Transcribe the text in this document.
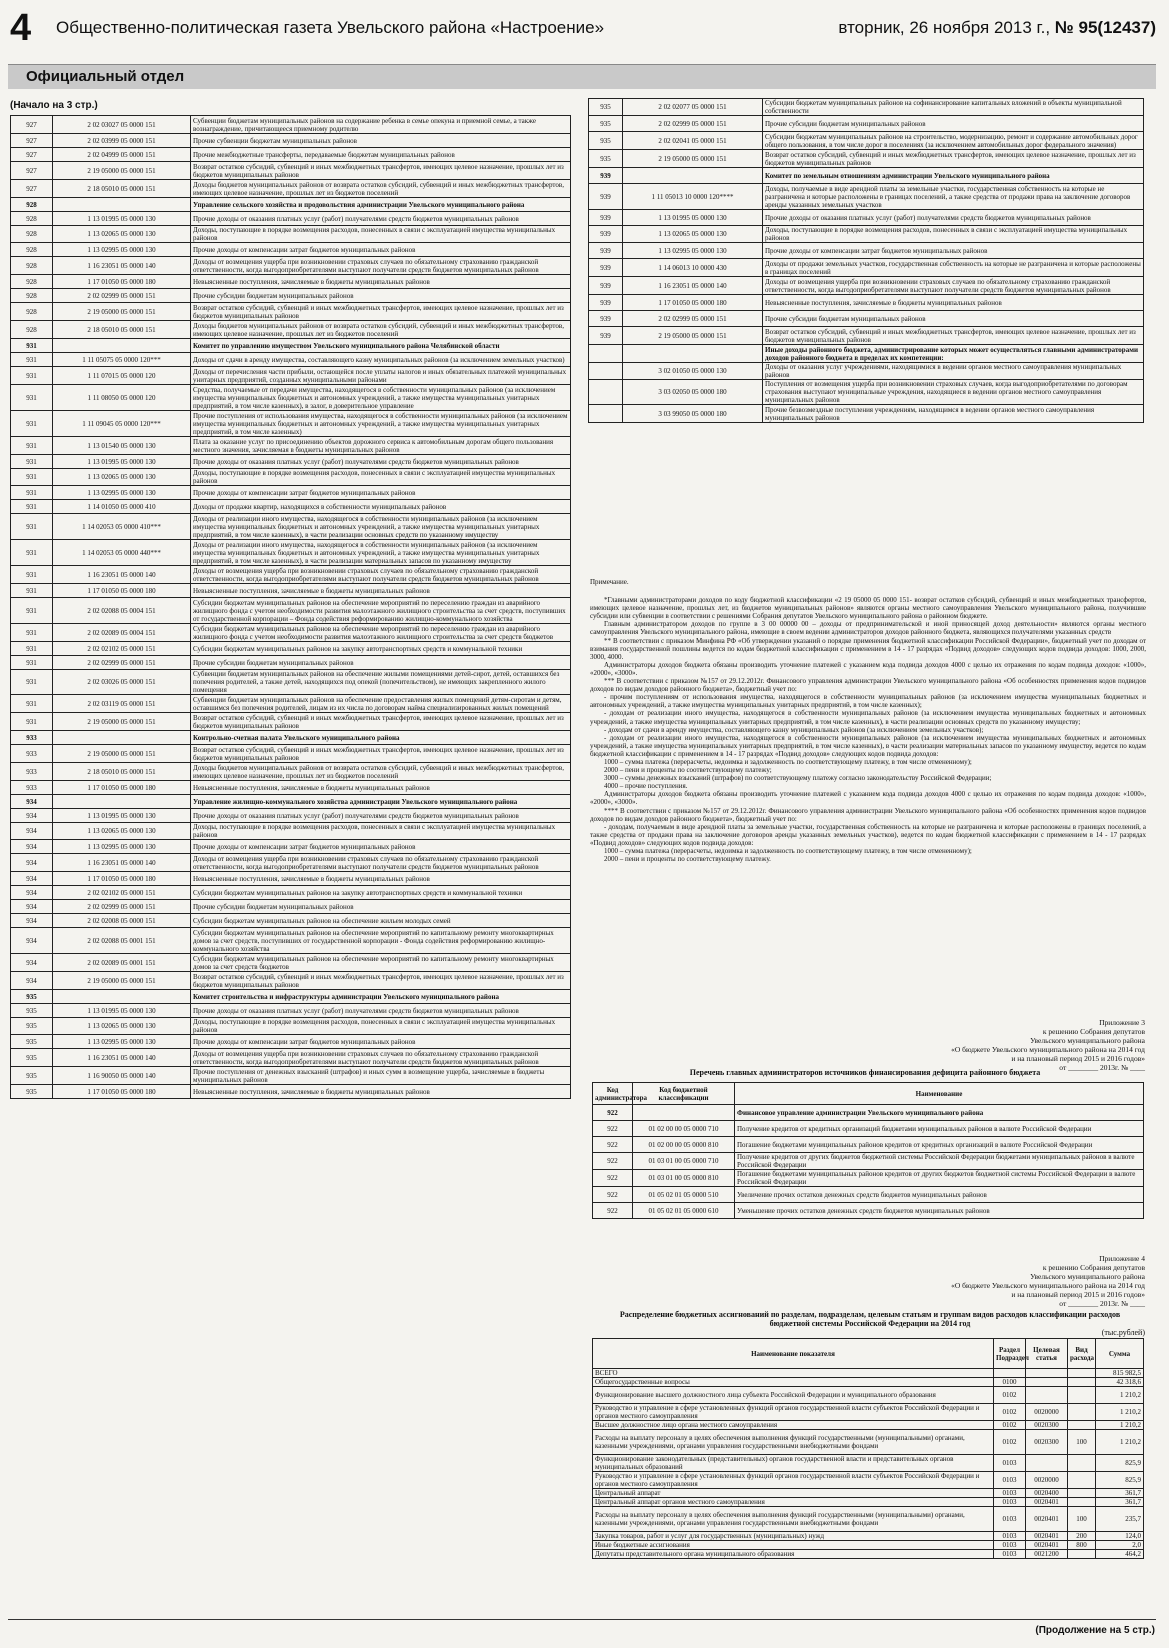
4 Общественно-политическая газета Увельского района «Настроение»	вторник, 26 ноября 2013 г., № 95(12437)
Официальный отдел
(Начало на 3 стр.)
927	2 02 03027 05 0000 151	Субвенции бюджетам муниципальных районов на содержание ребенка в семье опекуна и приемной семье, а также вознаграждение, причитающееся приемному родителю
927	2 02 03999 05 0000 151	Прочие субвенции бюджетам муниципальных районов
927	2 02 04999 05 0000 151	Прочие межбюджетные трансферты, передаваемые бюджетам муниципальных районов
927	2 19 05000 05 0000 151	Возврат остатков субсидий, субвенций и иных межбюджетных трансфертов, имеющих целевое назначение, прошлых лет из бюджетов муниципальных районов
927	2 18 05010 05 0000 151	Доходы бюджетов муниципальных районов от возврата остатков субсидий, субвенций и иных межбюджетных трансфертов, имеющих целевое назначение, прошлых лет из бюджетов поселений
928		Управление сельского хозяйства и продовольствия администрации Увельского муниципального района
928	1 13 01995 05 0000 130	Прочие доходы от оказания платных услуг (работ) получателями средств бюджетов муниципальных районов
928	1 13 02065 05 0000 130	Доходы, поступающие в порядке возмещения расходов, понесенных в связи с эксплуатацией имущества муниципальных районов
928	1 13 02995 05 0000 130	Прочие доходы от компенсации затрат бюджетов муниципальных районов
928	1 16 23051 05 0000 140	Доходы от возмещения ущерба при возникновении страховых случаев по обязательному страхованию гражданской ответственности, когда выгодоприобретателями выступают получатели средств бюджетов муниципальных районов
928	1 17 01050 05 0000 180	Невыясненные поступления, зачисляемые в бюджеты муниципальных районов
928	2 02 02999 05 0000 151	Прочие субсидии бюджетам муниципальных районов
928	2 19 05000 05 0000 151	Возврат остатков субсидий, субвенций и иных межбюджетных трансфертов, имеющих целевое назначение, прошлых лет из бюджетов муниципальных районов
928	2 18 05010 05 0000 151	Доходы бюджетов муниципальных районов от возврата остатков субсидий, субвенций и иных межбюджетных трансфертов, имеющих целевое назначение, прошлых лет из бюджетов поселений
931		Комитет по управлению имуществом Увельского муниципального района Челябинской области
931	1 11 05075 05 0000 120***	Доходы от сдачи в аренду имущества, составляющего казну муниципальных районов (за исключением земельных участков)
931	1 11 07015 05 0000 120	Доходы от перечисления части прибыли, остающейся после уплаты налогов и иных обязательных платежей муниципальных унитарных предприятий, созданных муниципальными районами
931	1 11 08050 05 0000 120	Средства, получаемые от передачи имущества, находящегося в собственности муниципальных районов (за исключением имущества муниципальных бюджетных и автономных учреждений, а также имущества муниципальных унитарных предприятий, в том числе казенных), в залог, в доверительное управление
931	1 11 09045 05 0000 120***	Прочие поступления от использования имущества, находящегося в собственности муниципальных районов (за исключением имущества муниципальных бюджетных и автономных учреждений, а также имущества муниципальных унитарных предприятий, в том числе казенных)
931	1 13 01540 05 0000 130	Плата за оказание услуг по присоединению объектов дорожного сервиса к автомобильным дорогам общего пользования местного значения, зачисляемая в бюджеты муниципальных районов
931	1 13 01995 05 0000 130	Прочие доходы от оказания платных услуг (работ) получателями средств бюджетов муниципальных районов
931	1 13 02065 05 0000 130	Доходы, поступающие в порядке возмещения расходов, понесенных в связи с эксплуатацией имущества муниципальных районов
931	1 13 02995 05 0000 130	Прочие доходы от компенсации затрат бюджетов муниципальных районов
931	1 14 01050 05 0000 410	Доходы от продажи квартир, находящихся в собственности муниципальных районов
931	1 14 02053 05 0000 410***	Доходы от реализации иного имущества, находящегося в собственности муниципальных районов (за исключением имущества муниципальных бюджетных и автономных учреждений, а также имущества муниципальных унитарных предприятий, в том числе казенных), в части реализации основных средств по указанному имуществу
931	1 14 02053 05 0000 440***	Доходы от реализации иного имущества, находящегося в собственности муниципальных районов (за исключением имущества муниципальных бюджетных и автономных учреждений, а также имущества муниципальных унитарных предприятий, в том числе казенных), в части реализации материальных запасов по указанному имуществу
931	1 16 23051 05 0000 140	Доходы от возмещения ущерба при возникновении страховых случаев по обязательному страхованию гражданской ответственности, когда выгодоприобретателями выступают получатели средств бюджетов муниципальных районов
931	1 17 01050 05 0000 180	Невыясненные поступления, зачисляемые в бюджеты муниципальных районов
931	2 02 02088 05 0004 151	Субсидии бюджетам муниципальных районов на обеспечение мероприятий по переселению граждан из аварийного жилищного фонда с учетом необходимости развития малоэтажного жилищного строительства за счет средств, поступивших от государственной корпорации – Фонда содействия реформированию жилищно-коммунального хозяйства
931	2 02 02089 05 0004 151	Субсидии бюджетам муниципальных районов на обеспечение мероприятий по переселению граждан из аварийного жилищного фонда с учетом необходимости развития малоэтажного жилищного строительства за счет средств бюджетов
931	2 02 02102 05 0000 151	Субсидии бюджетам муниципальных районов на закупку автотранспортных средств и коммунальной техники
931	2 02 02999 05 0000 151	Прочие субсидии бюджетам муниципальных районов
931	2 02 03026 05 0000 151	Субвенции бюджетам муниципальных районов на обеспечение жилыми помещениями детей-сирот, детей, оставшихся без попечения родителей, а также детей, находящихся под опекой (попечительством), не имеющих закрепленного жилого помещения
931	2 02 03119 05 0000 151	Субвенции бюджетам муниципальных районов на обеспечение предоставления жилых помещений детям-сиротам и детям, оставшимся без попечения родителей, лицам из их числа по договорам найма специализированных жилых помещений
931	2 19 05000 05 0000 151	Возврат остатков субсидий, субвенций и иных межбюджетных трансфертов, имеющих целевое назначение, прошлых лет из бюджетов муниципальных районов
933		Контрольно-счетная палата Увельского муниципального района
933	2 19 05000 05 0000 151	Возврат остатков субсидий, субвенций и иных межбюджетных трансфертов, имеющих целевое назначение, прошлых лет из бюджетов муниципальных районов
933	2 18 05010 05 0000 151	Доходы бюджетов муниципальных районов от возврата остатков субсидий, субвенций и иных межбюджетных трансфертов, имеющих целевое назначение, прошлых лет из бюджетов поселений
933	1 17 01050 05 0000 180	Невыясненные поступления, зачисляемые в бюджеты муниципальных районов
934		Управление жилищно-коммунального хозяйства администрации Увельского муниципального района
934	1 13 01995 05 0000 130	Прочие доходы от оказания платных услуг (работ) получателями средств бюджетов муниципальных районов
934	1 13 02065 05 0000 130	Доходы, поступающие в порядке возмещения расходов, понесенных в связи с эксплуатацией имущества муниципальных районов
934	1 13 02995 05 0000 130	Прочие доходы от компенсации затрат бюджетов муниципальных районов
934	1 16 23051 05 0000 140	Доходы от возмещения ущерба при возникновении страховых случаев по обязательному страхованию гражданской ответственности, когда выгодоприобретателями выступают получатели средств бюджетов муниципальных районов
934	1 17 01050 05 0000 180	Невыясненные поступления, зачисляемые в бюджеты муниципальных районов
934	2 02 02102 05 0000 151	Субсидии бюджетам муниципальных районов на закупку автотранспортных средств и коммунальной техники
934	2 02 02999 05 0000 151	Прочие субсидии бюджетам муниципальных районов
934	2 02 02008 05 0000 151	Субсидии бюджетам муниципальных районов на обеспечение жильем молодых семей
934	2 02 02088 05 0001 151	Субсидии бюджетам муниципальных районов на обеспечение мероприятий по капитальному ремонту многоквартирных домов за счет средств, поступивших от государственной корпорации - Фонда содействия реформированию жилищно-коммунального хозяйства
934	2 02 02089 05 0001 151	Субсидии бюджетам муниципальных районов на обеспечение мероприятий по капитальному ремонту многоквартирных домов за счет средств бюджетов
934	2 19 05000 05 0000 151	Возврат остатков субсидий, субвенций и иных межбюджетных трансфертов, имеющих целевое назначение, прошлых лет из бюджетов муниципальных районов
935		Комитет строительства и инфраструктуры администрации Увельского муниципального района
935	1 13 01995 05 0000 130	Прочие доходы от оказания платных услуг (работ) получателями средств бюджетов муниципальных районов
935	1 13 02065 05 0000 130	Доходы, поступающие в порядке возмещения расходов, понесенных в связи с эксплуатацией имущества муниципальных районов
935	1 13 02995 05 0000 130	Прочие доходы от компенсации затрат бюджетов муниципальных районов
935	1 16 23051 05 0000 140	Доходы от возмещения ущерба при возникновении страховых случаев по обязательному страхованию гражданской ответственности, когда выгодоприобретателями выступают получатели средств бюджетов муниципальных районов
935	1 16 90050 05 0000 140	Прочие поступления от денежных взысканий (штрафов) и иных сумм в возмещение ущерба, зачисляемые в бюджеты муниципальных районов
935	1 17 01050 05 0000 180	Невыясненные поступления, зачисляемые в бюджеты муниципальных районов
935	2 02 02077 05 0000 151	Субсидии бюджетам муниципальных районов на софинансирование капитальных вложений в объекты муниципальной собственности
935	2 02 02999 05 0000 151	Прочие субсидии бюджетам муниципальных районов
935	2 02 02041 05 0000 151	Субсидии бюджетам муниципальных районов на строительство, модернизацию, ремонт и содержание автомобильных дорог общего пользования, в том числе дорог в поселениях (за исключением автомобильных дорог федерального значения)
935	2 19 05000 05 0000 151	Возврат остатков субсидий, субвенций и иных межбюджетных трансфертов, имеющих целевое назначение, прошлых лет из бюджетов муниципальных районов
939		Комитет по земельным отношениям администрации Увельского муниципального района
939	1 11 05013 10 0000 120****	Доходы, получаемые в виде арендной платы за земельные участки, государственная собственность на которые не разграничена и которые расположены в границах поселений, а также средства от продажи права на заключение договоров аренды указанных земельных участков
939	1 13 01995 05 0000 130	Прочие доходы от оказания платных услуг (работ) получателями средств бюджетов муниципальных районов
939	1 13 02065 05 0000 130	Доходы, поступающие в порядке возмещения расходов, понесенных в связи с эксплуатацией имущества муниципальных районов
939	1 13 02995 05 0000 130	Прочие доходы от компенсации затрат бюджетов муниципальных районов
939	1 14 06013 10 0000 430	Доходы от продажи земельных участков, государственная собственность на которые не разграничена и которые расположены в границах поселений
939	1 16 23051 05 0000 140	Доходы от возмещения ущерба при возникновении страховых случаев по обязательному страхованию гражданской ответственности, когда выгодоприобретателями выступают получатели средств бюджетов муниципальных районов
939	1 17 01050 05 0000 180	Невыясненные поступления, зачисляемые в бюджеты муниципальных районов
939	2 02 02999 05 0000 151	Прочие субсидии бюджетам муниципальных районов
939	2 19 05000 05 0000 151	Возврат остатков субсидий, субвенций и иных межбюджетных трансфертов, имеющих целевое назначение, прошлых лет из бюджетов муниципальных районов
		Иные доходы районного бюджета, администрирование которых может осуществляться главными администраторами доходов районного бюджета в пределах их компетенции:
	3 02 01050 05 0000 130	Доходы от оказания услуг учреждениями, находящимися в ведении органов местного самоуправления муниципальных районов
	3 03 02050 05 0000 180	Поступления от возмещения ущерба при возникновении страховых случаев, когда выгодоприобретателями по договорам страхования выступают муниципальные учреждения, находящиеся в ведении органов местного самоуправления муниципальных районов
	3 03 99050 05 0000 180	Прочие безвозмездные поступления учреждениям, находящимся в ведении органов местного самоуправления муниципальных районов

Примечание.

*Главными администраторами доходов по коду бюджетной классификации «2 19 05000 05 0000 151- возврат остатков субсидий, субвенций и иных межбюджетных трансфертов, имеющих целевое назначение, прошлых лет, из бюджетов муниципальных районов» являются органы местного самоуправления Увельского муниципального района, получившие субсидии или субвенции в соответствии с решениями Собрания депутатов Увельского муниципального района о районном бюджете.

Главным администратором доходов по группе в 3 00 00000 00 – доходы от предпринимательской и иной приносящей доход деятельности» являются органы местного самоуправления Увельского муниципального района, имеющие в своем ведении администраторов доходов районного бюджета, являющихся получателями указанных средств

** В соответствии с приказом Минфина РФ «Об утверждении указаний о порядке применения бюджетной классификации Российской Федерации», бюджетный учет по доходам от взимания государственной пошлины ведется по кодам бюджетной классификации с применением в 14 - 17 разрядах «Подвид доходов» следующих кодов подвида доходов: 1000, 2000, 3000, 4000.

Администраторы доходов бюджета обязаны производить уточнение платежей с указанием кода подвида доходов 4000 с целью их отражения по кодам подвида доходов: «1000», «2000», «3000».

*** В соответствии с приказом №157 от 29.12.2012г. Финансового управления администрации Увельского муниципального района «Об особенностях применения кодов подвидов доходов по видам доходов районного бюджета», бюджетный учет по:

- прочим поступлениям от использования имущества, находящегося в собственности муниципальных районов (за исключением имущества муниципальных бюджетных и автономных учреждений, а также имущества муниципальных унитарных предприятий, в том числе казенных);

- доходам от реализации иного имущества, находящегося в собственности муниципальных районов (за исключением имущества муниципальных бюджетных и автономных учреждений, а также имущества муниципальных унитарных предприятий, в том числе казенных), в части реализации основных средств по указанному имуществу;

- доходам от сдачи в аренду имущества, составляющего казну муниципальных районов (за исключением земельных участков);

- доходам от реализации иного имущества, находящегося в собственности муниципальных районов (за исключением имущества муниципальных бюджетных и автономных учреждений, а также имущества муниципальных унитарных предприятий, в том числе казенных), в части реализации материальных запасов по указанному имуществу, ведется по кодам бюджетной классификации с применением в 14 - 17 разрядах «Подвид доходов» следующих кодов подвида доходов:

1000 – сумма платежа (перерасчеты, недоимка и задолженность по соответствующему платежу, в том числе отмененному);

2000 – пени и проценты по соответствующему платежу;

3000 – суммы денежных взысканий (штрафов) по соответствующему платежу согласно законодательству Российской Федерации;

4000 – прочие поступления.

Администраторы доходов бюджета обязаны производить уточнение платежей с указанием кода подвида доходов 4000 с целью их отражения по кодам подвида доходов: «1000», «2000», «3000».

**** В соответствии с приказом №157 от 29.12.2012г. Финансового управления администрации Увельского муниципального района «Об особенностях применения кодов подвидов доходов по видам доходов районного бюджета», бюджетный учет по:

- доходам, получаемым в виде арендной платы за земельные участки, государственная собственность на которые не разграничена и которые расположены в границах поселений, а также средства от продажи права на заключение договоров аренды указанных земельных участков), ведется по кодам бюджетной классификации с применением в 14 - 17 разрядах «Подвид доходов» следующих кодов подвида доходов:

1000 – сумма платежа (перерасчеты, недоимка и задолженность по соответствующему платежу, в том числе отмененному);

2000 – пени и проценты по соответствующему платежу.

Приложение 3
к решению Собрания депутатов
Увельского муниципального района
«О бюджете Увельского муниципального района на 2014 год
и на плановый период 2015 и 2016 годов»
от ________ 2013г. № ____
Перечень главных администраторов источников финансирования дефицита районного бюджета
Код администратора	Код бюджетной классификации	Наименование
922		Финансовое управление администрации Увельского муниципального района
922	01 02 00 00 05 0000 710	Получение кредитов от кредитных организаций бюджетами муниципальных районов в валюте Российской Федерации
922	01 02 00 00 05 0000 810	Погашение бюджетами муниципальных районов кредитов от кредитных организаций в валюте Российской Федерации
922	01 03 01 00 05 0000 710	Получение кредитов от других бюджетов бюджетной системы Российской Федерации бюджетами муниципальных районов в валюте Российской Федерации
922	01 03 01 00 05 0000 810	Погашение бюджетами муниципальных районов кредитов от других бюджетов бюджетной системы Российской Федерации в валюте Российской Федерации
922	01 05 02 01 05 0000 510	Увеличение прочих остатков денежных средств бюджетов муниципальных районов
922	01 05 02 01 05 0000 610	Уменьшение прочих остатков денежных средств бюджетов муниципальных районов
Приложение 4
к решению Собрания депутатов
Увельского муниципального района
«О бюджете Увельского муниципального района на 2014 год
и на плановый период 2015 и 2016 годов»
от ________ 2013г. № ____
Распределение бюджетных ассигнований по разделам, подразделам, целевым статьям и группам видов расходов классификации расходов бюджетной системы Российской Федерации на 2014 год
(тыс.рублей)
Наименование показателя	Раздел Подраздел	Целевая статья	Вид расхода	Сумма
ВСЕГО				815 982,5
Общегосударственные вопросы	0100			42 318,6
Функционирование высшего должностного лица субъекта Российской Федерации и муниципального образования	0102			1 210,2
Руководство и управление в сфере установленных функций органов государственной власти субъектов Российской Федерации и органов местного самоуправления	0102	0020000		1 210,2
Высшее должностное лицо органа местного самоуправления	0102	0020300		1 210,2
Расходы на выплату персоналу в целях обеспечения выполнения функций государственными (муниципальными) органами, казенными учреждениями, органами управления государственными внебюджетными фондами	0102	0020300	100	1 210,2
Функционирование законодательных (представительных) органов государственной власти и представительных органов муниципальных образований	0103			825,9
Руководство и управление в сфере установленных функций органов государственной власти субъектов Российской Федерации и органов местного самоуправления	0103	0020000		825,9
Центральный аппарат	0103	0020400		361,7
Центральный аппарат органов местного самоуправления	0103	0020401		361,7
Расходы на выплату персоналу в целях обеспечения выполнения функций государственными (муниципальными) органами, казенными учреждениями, органами управления государственными внебюджетными фондами	0103	0020401	100	235,7
Закупка товаров, работ и услуг для государственных (муниципальных) нужд	0103	0020401	200	124,0
Иные бюджетные ассигнования	0103	0020401	800	2,0
Депутаты представительного органа муниципального образования	0103	0021200		464,2
(Продолжение на 5 стр.)
